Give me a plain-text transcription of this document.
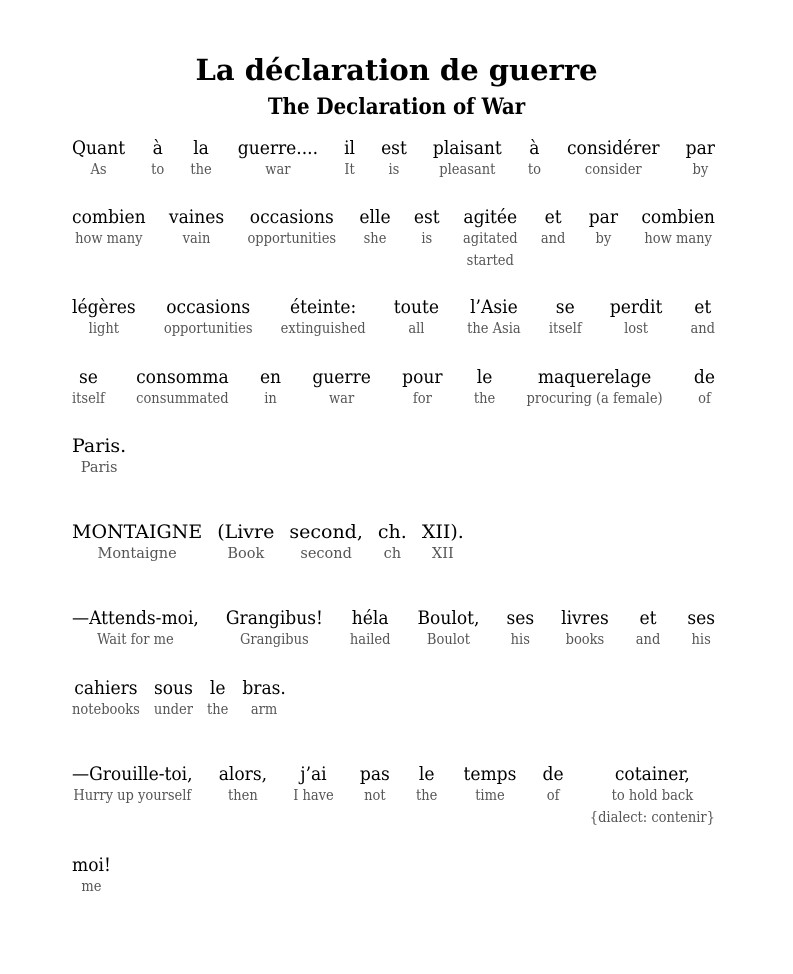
La déclaration de guerre
The Declaration of War
Quant
As
à
to
la
the
guerre....
war
il
It
est
is
plaisant
pleasant
à
to
considérer
consider
par
by
combien
how many
vaines
vain
occasions
opportunities
elle
she
est
is
agitée
agitated
started
et
and
par
by
combien
how many
légères
light
occasions
opportunities
éteinte:
extinguished
toute
all
l’Asie
the Asia
se
itself
perdit
lost
et
and
se
itself
consomma
consummated
en
in
guerre
war
pour
for
le
the
maquerelage
procuring (a female)
de
of
Paris.
Paris
MONTAIGNE
Montaigne
(Livre
Book
second,
second
ch.
ch
XII).
XII
—Attends-moi,
Wait for me
Grangibus!
Grangibus
héla
hailed
Boulot,
Boulot
ses
his
livres
books
et
and
ses
his
cahiers
notebooks
sous
under
le
the
bras.
arm
—Grouille-toi,
Hurry up yourself
alors,
then
j’ai
I have
pas
not
le
the
temps
time
de
of
cotainer,
to hold back
{dialect: contenir}
moi!
me
